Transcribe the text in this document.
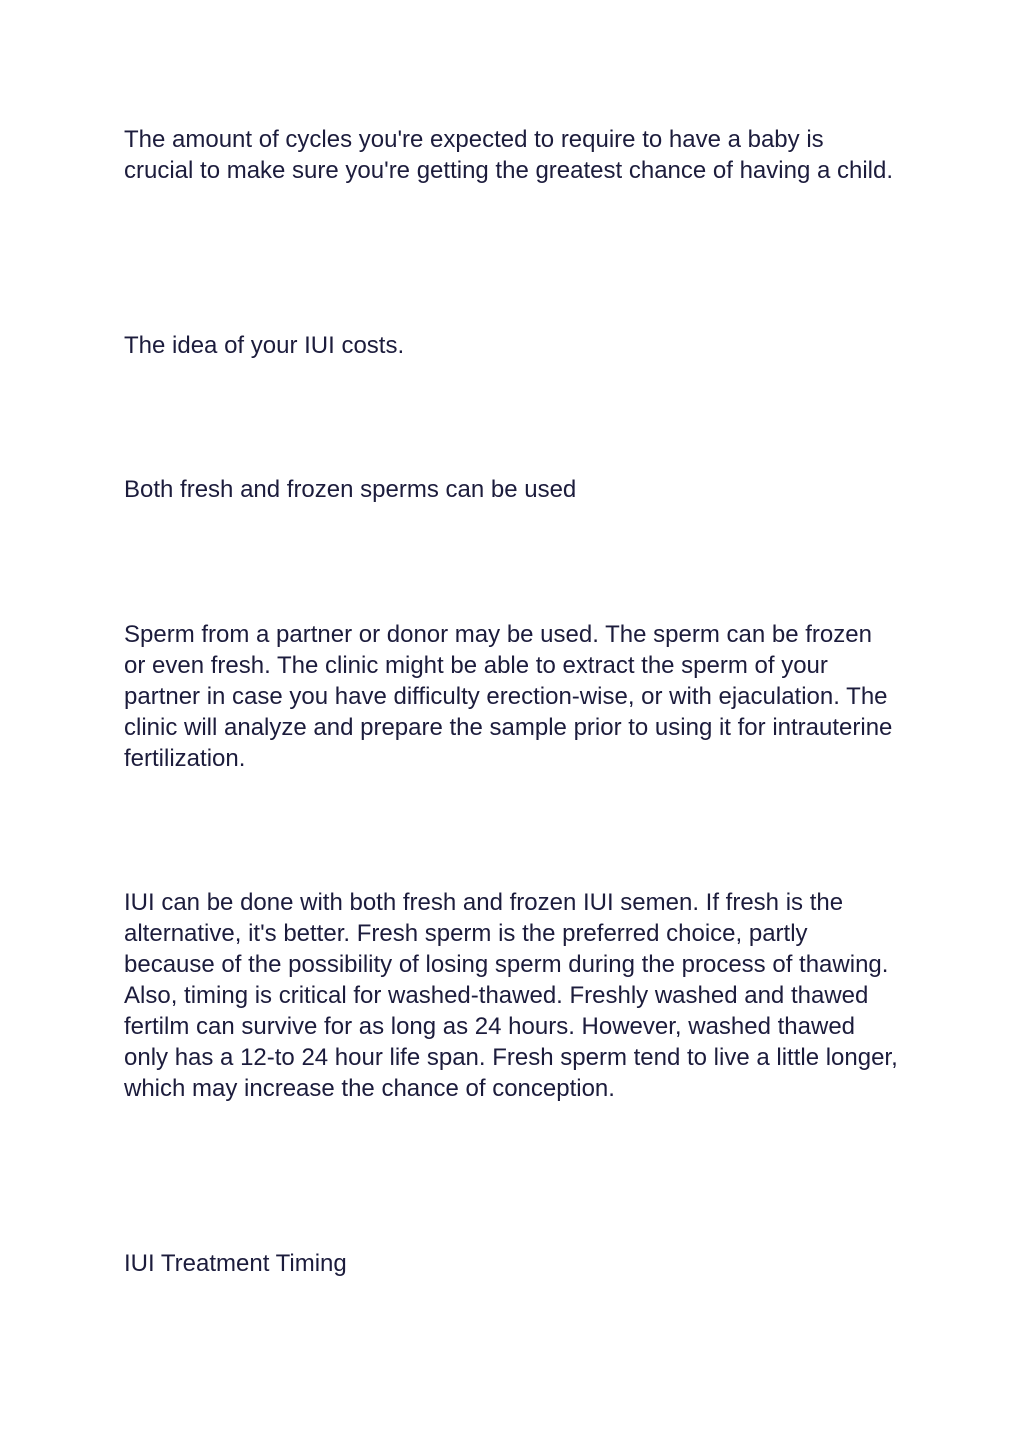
The amount of cycles you're expected to require to have a baby is crucial to make sure you're getting the greatest chance of having a child.

The idea of your IUI costs.

Both fresh and frozen sperms can be used

Sperm from a partner or donor may be used. The sperm can be frozen or even fresh. The clinic might be able to extract the sperm of your partner in case you have difficulty erection-wise, or with ejaculation. The clinic will analyze and prepare the sample prior to using it for intrauterine fertilization.

IUI can be done with both fresh and frozen IUI semen. If fresh is the alternative, it's better. Fresh sperm is the preferred choice, partly because of the possibility of losing sperm during the process of thawing. Also, timing is critical for washed-thawed. Freshly washed and thawed fertilm can survive for as long as 24 hours. However, washed thawed only has a 12-to 24 hour life span. Fresh sperm tend to live a little longer, which may increase the chance of conception.

IUI Treatment Timing
